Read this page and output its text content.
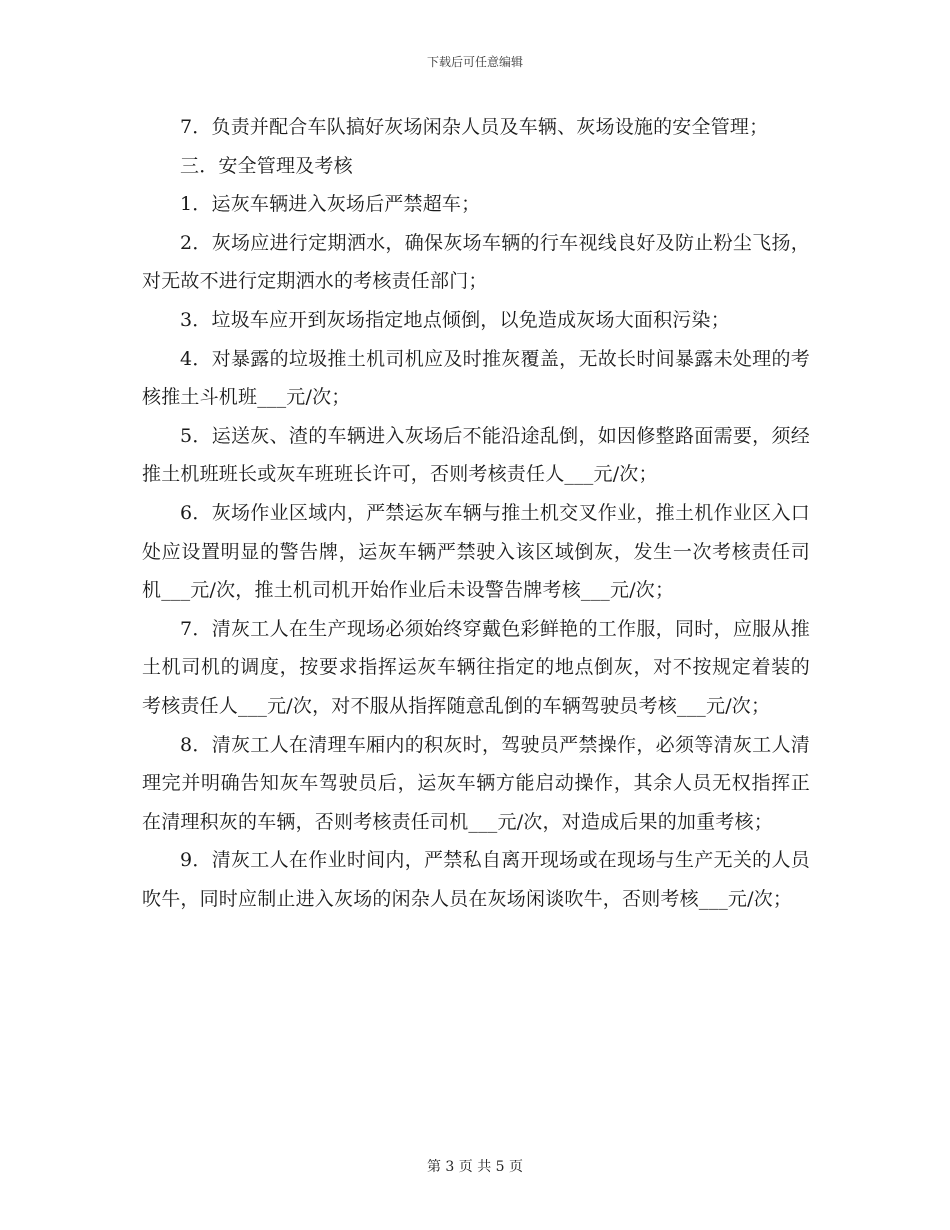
下载后可任意编辑

7．负责并配合车队搞好灰场闲杂人员及车辆、灰场设施的安全管理；

三．安全管理及考核

1．运灰车辆进入灰场后严禁超车；

2．灰场应进行定期洒水，确保灰场车辆的行车视线良好及防止粉尘飞扬，对无故不进行定期洒水的考核责任部门；

3．垃圾车应开到灰场指定地点倾倒，以免造成灰场大面积污染；

4．对暴露的垃圾推土机司机应及时推灰覆盖，无故长时间暴露未处理的考核推土斗机班___元/次；

5．运送灰、渣的车辆进入灰场后不能沿途乱倒，如因修整路面需要，须经推土机班班长或灰车班班长许可，否则考核责任人___元/次；

6．灰场作业区域内，严禁运灰车辆与推土机交叉作业，推土机作业区入口处应设置明显的警告牌，运灰车辆严禁驶入该区域倒灰，发生一次考核责任司机___元/次，推土机司机开始作业后未设警告牌考核___元/次；

7．清灰工人在生产现场必须始终穿戴色彩鲜艳的工作服，同时，应服从推土机司机的调度，按要求指挥运灰车辆往指定的地点倒灰，对不按规定着装的考核责任人___元/次，对不服从指挥随意乱倒的车辆驾驶员考核___元/次；

8．清灰工人在清理车厢内的积灰时，驾驶员严禁操作，必须等清灰工人清理完并明确告知灰车驾驶员后，运灰车辆方能启动操作，其余人员无权指挥正在清理积灰的车辆，否则考核责任司机___元/次，对造成后果的加重考核；

9．清灰工人在作业时间内，严禁私自离开现场或在现场与生产无关的人员吹牛，同时应制止进入灰场的闲杂人员在灰场闲谈吹牛，否则考核___元/次；

第 3 页 共 5 页
